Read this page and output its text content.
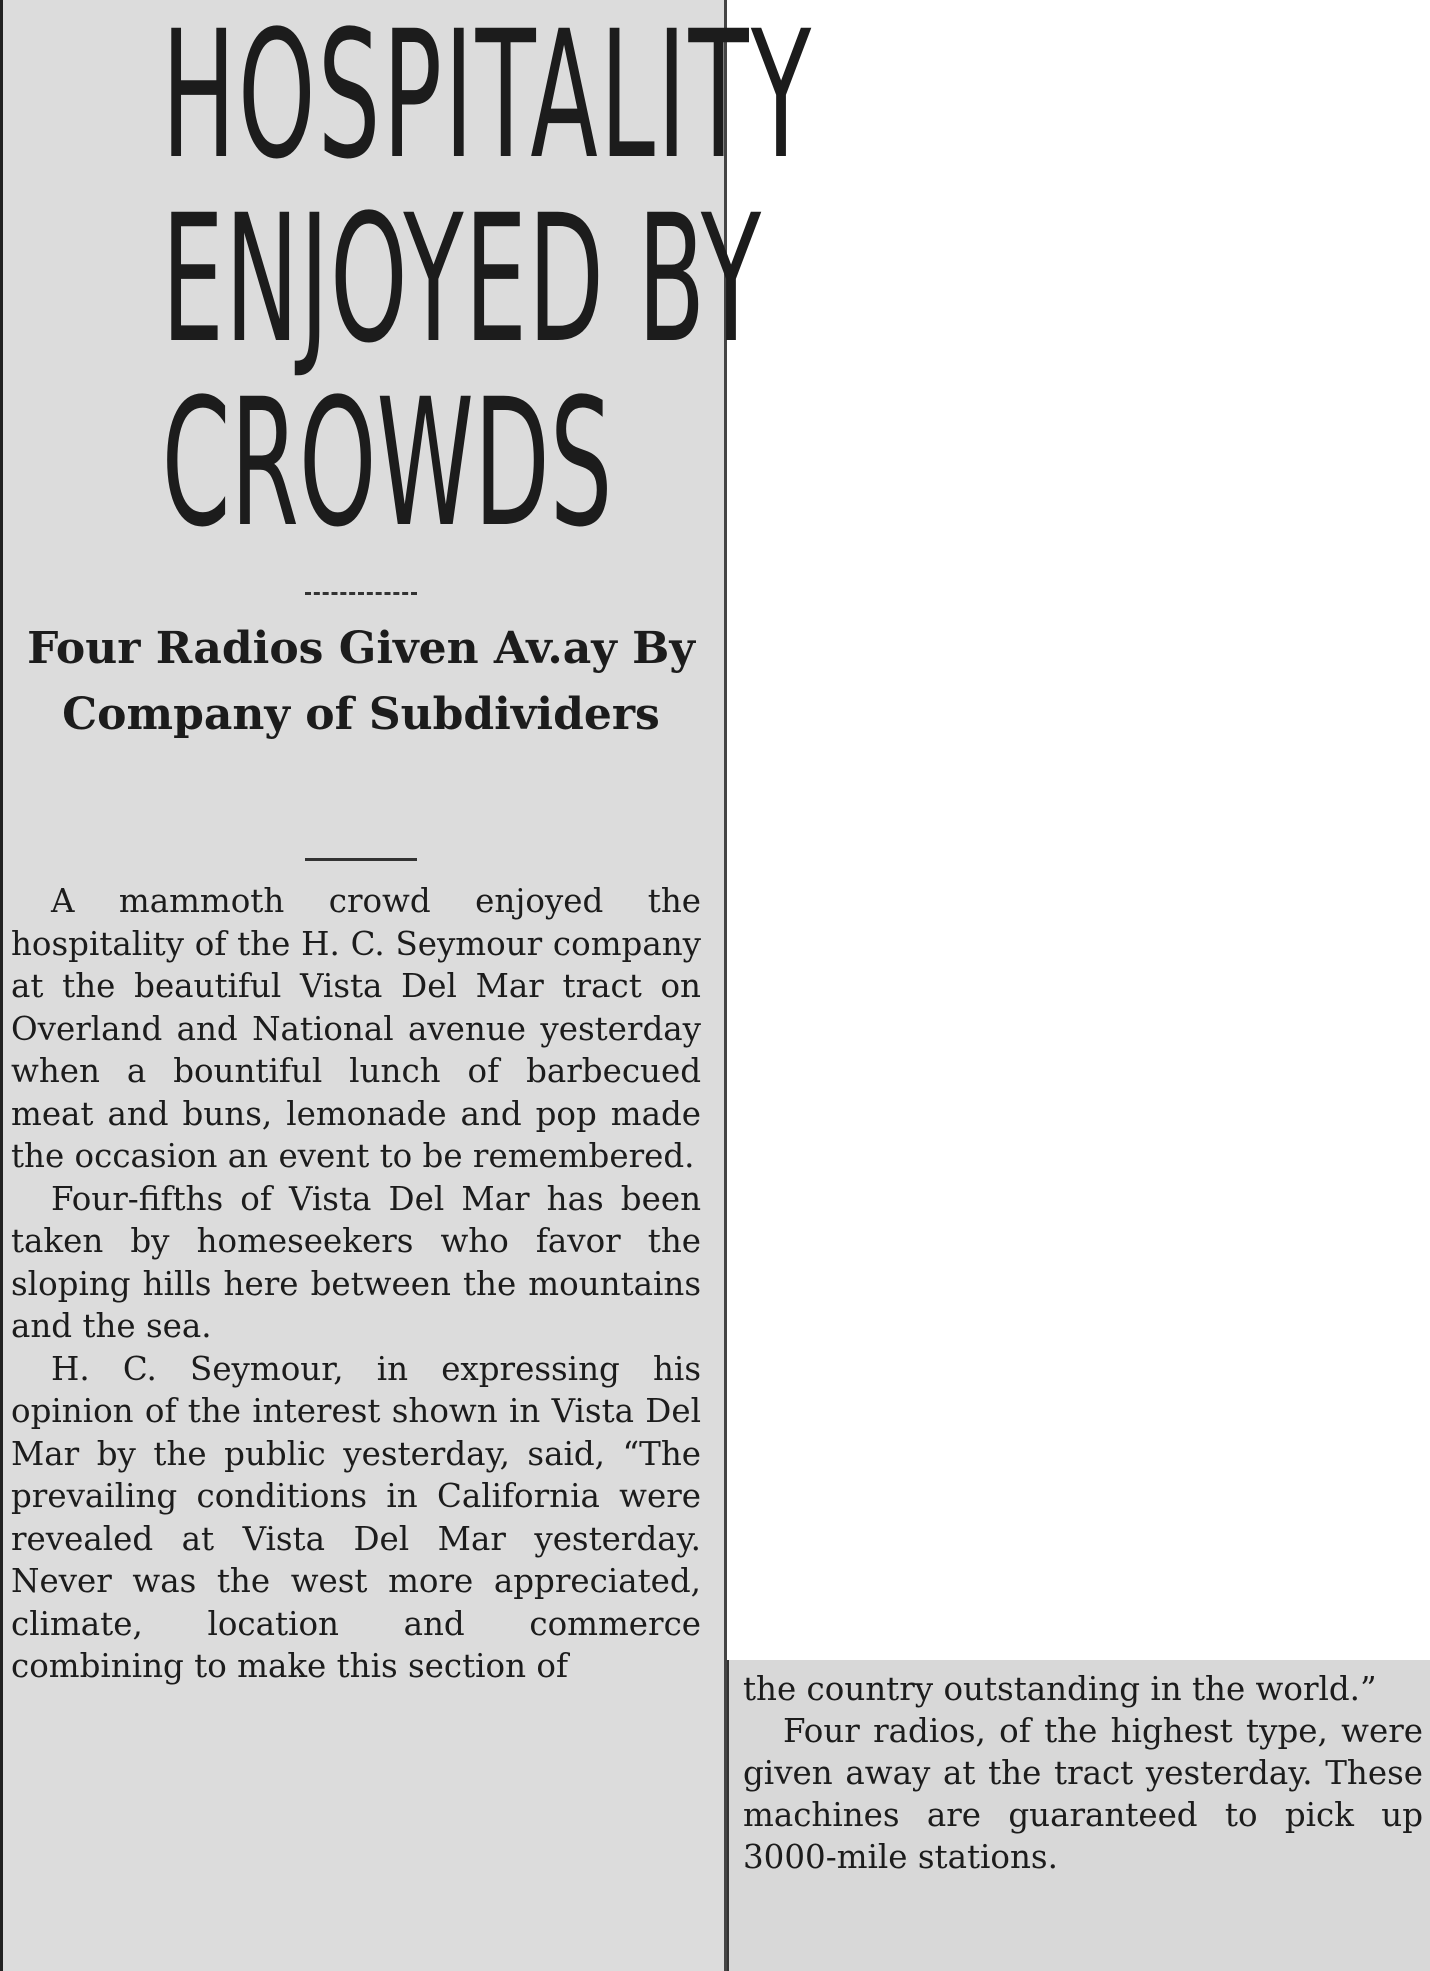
HOSPITALITY
ENJOYED BY
CROWDS
Four Radios Given Av.ay By Company of Subdividers

A mammoth crowd enjoyed the hospitality of the H. C. Seymour company at the beautiful Vista Del Mar tract on Overland and National avenue yesterday when a bountiful lunch of barbecued meat and buns, lemonade and pop made the occasion an event to be remembered.

Four-fifths of Vista Del Mar has been taken by homeseekers who favor the sloping hills here between the mountains and the sea.

H. C. Seymour, in expressing his opinion of the interest shown in Vista Del Mar by the public yesterday, said, “The prevailing conditions in California were revealed at Vista Del Mar yesterday. Never was the west more appreciated, climate, location and commerce combining to make this section of

the country outstanding in the world.”

Four radios, of the highest type, were given away at the tract yesterday. These machines are guaranteed to pick up 3000-mile stations.
